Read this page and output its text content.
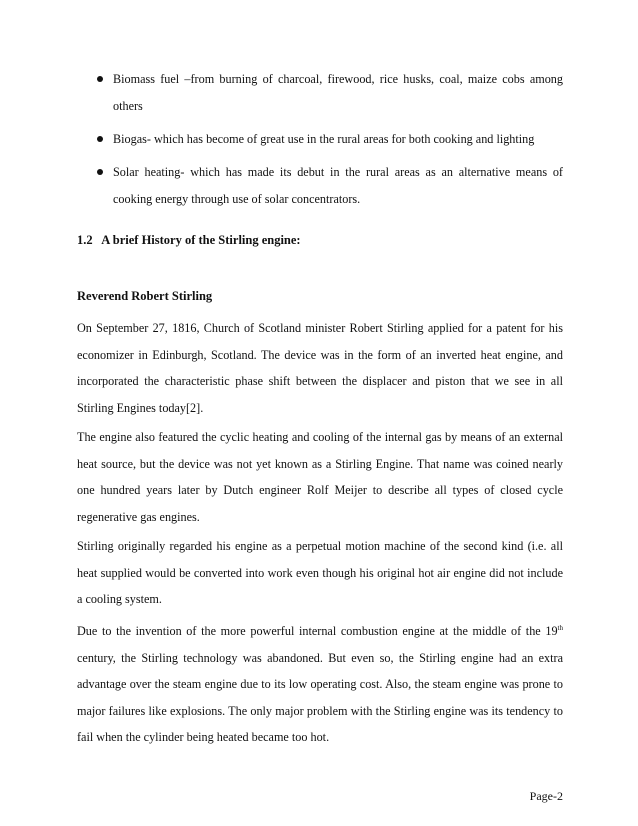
Biomass fuel –from burning of charcoal, firewood, rice husks, coal, maize cobs among others
Biogas- which has become of great use in the rural areas for both cooking and lighting
Solar heating- which has made its debut in the rural areas as an alternative means of cooking energy through use of solar concentrators.
1.2   A brief History of the Stirling engine:
Reverend Robert Stirling
On September 27, 1816, Church of Scotland minister Robert Stirling applied for a patent for his economizer in Edinburgh, Scotland. The device was in the form of an inverted heat engine, and incorporated the characteristic phase shift between the displacer and piston that we see in all Stirling Engines today[2].
The engine also featured the cyclic heating and cooling of the internal gas by means of an external heat source, but the device was not yet known as a Stirling Engine. That name was coined nearly one hundred years later by Dutch engineer Rolf Meijer to describe all types of closed cycle regenerative gas engines.
Stirling originally regarded his engine as a perpetual motion machine of the second kind (i.e. all heat supplied would be converted into work even though his original hot air engine did not include a cooling system.
Due to the invention of the more powerful internal combustion engine at the middle of the 19th century, the Stirling technology was abandoned. But even so, the Stirling engine had an extra advantage over the steam engine due to its low operating cost. Also, the steam engine was prone to major failures like explosions. The only major problem with the Stirling engine was its tendency to fail when the cylinder being heated became too hot.
Page-2
